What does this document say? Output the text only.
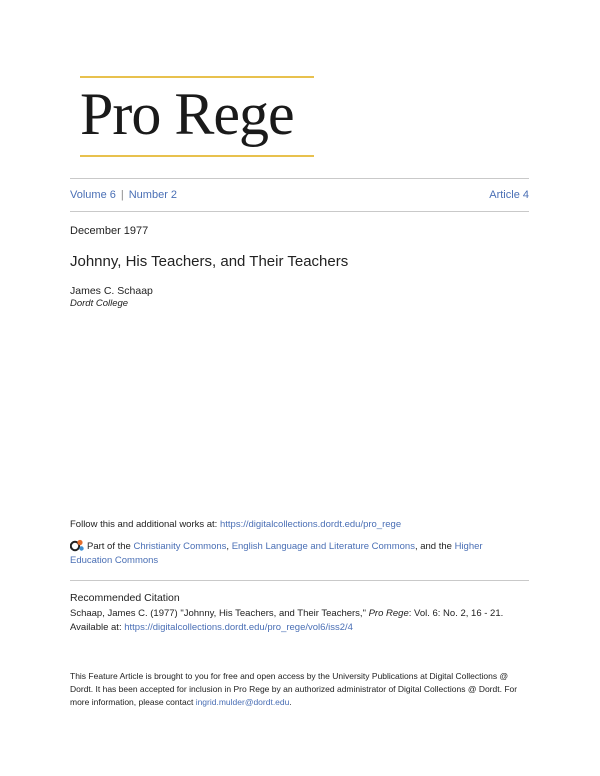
Pro Rege
Volume 6 | Number 2	Article 4
December 1977
Johnny, His Teachers, and Their Teachers
James C. Schaap
Dordt College
Follow this and additional works at: https://digitalcollections.dordt.edu/pro_rege
Part of the Christianity Commons, English Language and Literature Commons, and the Higher Education Commons
Recommended Citation
Schaap, James C. (1977) "Johnny, His Teachers, and Their Teachers," Pro Rege: Vol. 6: No. 2, 16 - 21.
Available at: https://digitalcollections.dordt.edu/pro_rege/vol6/iss2/4
This Feature Article is brought to you for free and open access by the University Publications at Digital Collections @ Dordt. It has been accepted for inclusion in Pro Rege by an authorized administrator of Digital Collections @ Dordt. For more information, please contact ingrid.mulder@dordt.edu.
